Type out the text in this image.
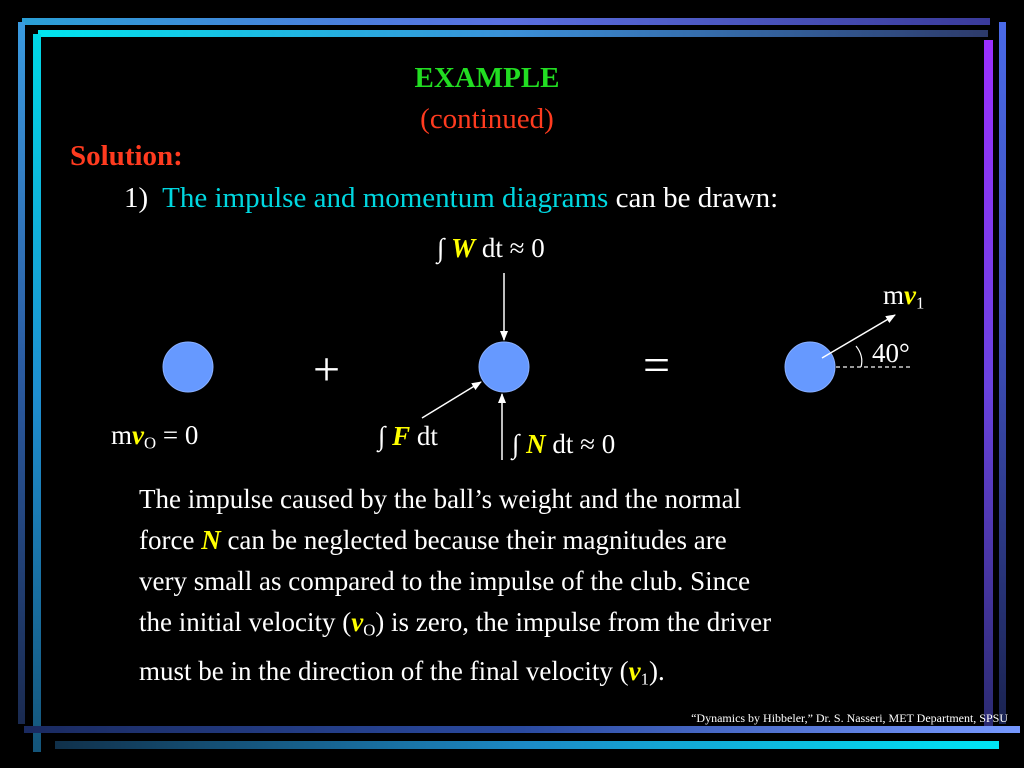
EXAMPLE
(continued)
Solution:
1) The impulse and momentum diagrams can be drawn:
+	=
∫ W dt ≈ 0
$mv_O = 0$	∫ F dt	∫ N dt ≈ 0
$mv_1$
40°
The impulse caused by the ball’s weight and the normal
force N can be neglected because their magnitudes are
very small as compared to the impulse of the club. Since
the initial velocity $(v_O)$ is zero, the impulse from the driver
must be in the direction of the final velocity $(v_1)$.
“Dynamics by Hibbeler,” Dr. S. Nasseri, MET Department, SPSU
